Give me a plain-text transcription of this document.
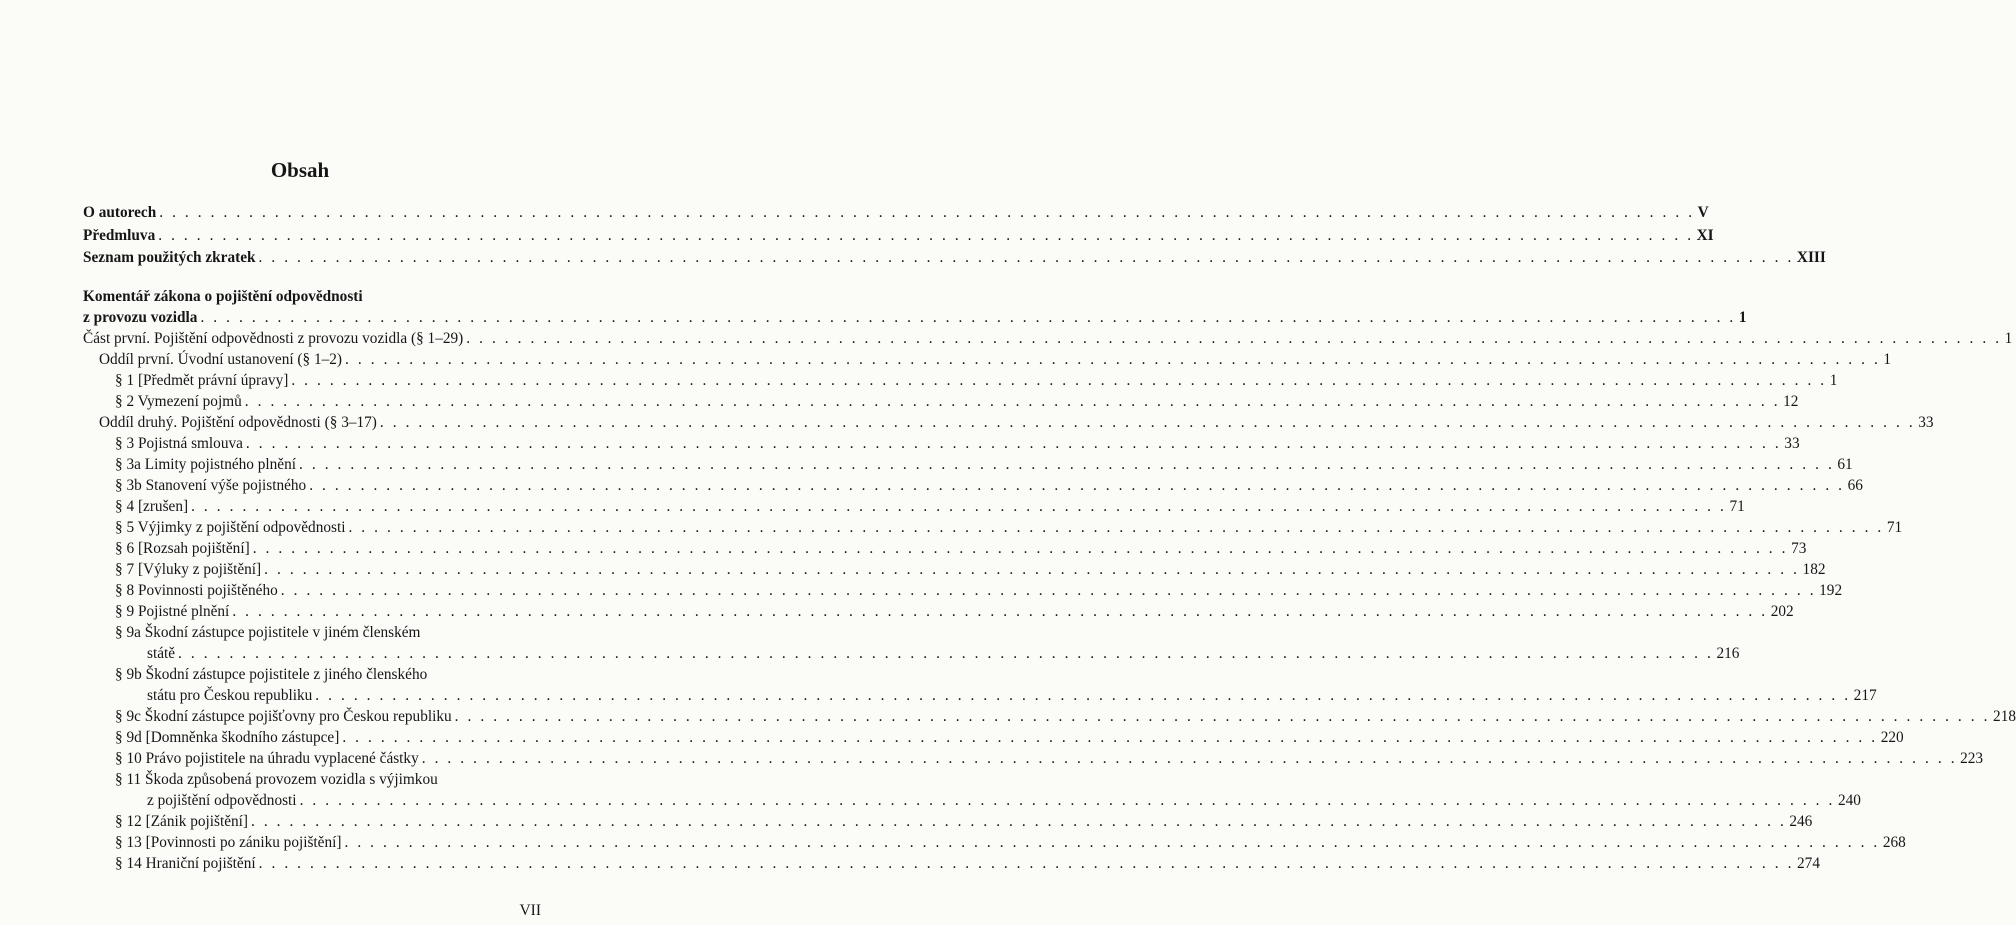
Obsah
O autorech . . . . . . . . . . . . . . . . . . . . . . . . . . . . . . . . . . . . . . . . . . . . . . . . . . . . . . . . . . . . . . . . . . . . . . . . . . . . . . . . . . . . . . . . . . . . . . . . . . . . . . . . . . . . . . . . . . . . . . . . V
Předmluva . . . . . . . . . . . . . . . . . . . . . . . . . . . . . . . . . . . . . . . . . . . . . . . . . . . . . . . . . . . . . . . . . . . . . . . . . . . . . . . . . . . . . . . . . . . . . . . . . . . . . . . . . . . . . . . . . . . . . . . . XI
Seznam použitých zkratek . . . . . . . . . . . . . . . . . . . . . . . . . . . . . . . . . . . . . . . . . . . . . . . . . . . . . . . . . . . . . . . . . . . . . . . . . . . . . . . . . . . . . . . . . . . . . . . . . . . . . . . . . . . . . . . . . . . . . . . . XIII
Komentář zákona o pojištění odpovědnosti
z provozu vozidla . . . . . . . . . . . . . . . . . . . . . . . . . . . . . . . . . . . . . . . . . . . . . . . . . . . . . . . . . . . . . . . . . . . . . . . . . . . . . . . . . . . . . . . . . . . . . . . . . . . . . . . . . . . . . . . . . . . . . . . . 1
Část první. Pojištění odpovědnosti z provozu vozidla (§ 1–29) . . . . . . . . . . . . . . . . . . . . . . . . . . . . . . . . . . . . . . . . . . . . . . . . . . . . . . . . . . . . . . . . . . . . . . . . . . . . . . . . . . . . . . . . . . . . . . . . . . . . . . . . . . . . . . . . . . . . . . . . 1
Oddíl první. Úvodní ustanovení (§ 1–2) . . . . . . . . . . . . . . . . . . . . . . . . . . . . . . . . . . . . . . . . . . . . . . . . . . . . . . . . . . . . . . . . . . . . . . . . . . . . . . . . . . . . . . . . . . . . . . . . . . . . . . . . . . . . . . . . . . . . . . . . 1
§ 1 [Předmět právní úpravy] . . . . . . . . . . . . . . . . . . . . . . . . . . . . . . . . . . . . . . . . . . . . . . . . . . . . . . . . . . . . . . . . . . . . . . . . . . . . . . . . . . . . . . . . . . . . . . . . . . . . . . . . . . . . . . . . . . . . . . . . 1
§ 2 Vymezení pojmů . . . . . . . . . . . . . . . . . . . . . . . . . . . . . . . . . . . . . . . . . . . . . . . . . . . . . . . . . . . . . . . . . . . . . . . . . . . . . . . . . . . . . . . . . . . . . . . . . . . . . . . . . . . . . . . . . . . . . . . . 12
Oddíl druhý. Pojištění odpovědnosti (§ 3–17) . . . . . . . . . . . . . . . . . . . . . . . . . . . . . . . . . . . . . . . . . . . . . . . . . . . . . . . . . . . . . . . . . . . . . . . . . . . . . . . . . . . . . . . . . . . . . . . . . . . . . . . . . . . . . . . . . . . . . . . . 33
§ 3 Pojistná smlouva . . . . . . . . . . . . . . . . . . . . . . . . . . . . . . . . . . . . . . . . . . . . . . . . . . . . . . . . . . . . . . . . . . . . . . . . . . . . . . . . . . . . . . . . . . . . . . . . . . . . . . . . . . . . . . . . . . . . . . . . 33
§ 3a Limity pojistného plnění . . . . . . . . . . . . . . . . . . . . . . . . . . . . . . . . . . . . . . . . . . . . . . . . . . . . . . . . . . . . . . . . . . . . . . . . . . . . . . . . . . . . . . . . . . . . . . . . . . . . . . . . . . . . . . . . . . . . . . . . 61
§ 3b Stanovení výše pojistného . . . . . . . . . . . . . . . . . . . . . . . . . . . . . . . . . . . . . . . . . . . . . . . . . . . . . . . . . . . . . . . . . . . . . . . . . . . . . . . . . . . . . . . . . . . . . . . . . . . . . . . . . . . . . . . . . . . . . . . . 66
§ 4 [zrušen] . . . . . . . . . . . . . . . . . . . . . . . . . . . . . . . . . . . . . . . . . . . . . . . . . . . . . . . . . . . . . . . . . . . . . . . . . . . . . . . . . . . . . . . . . . . . . . . . . . . . . . . . . . . . . . . . . . . . . . . . 71
§ 5 Výjimky z pojištění odpovědnosti . . . . . . . . . . . . . . . . . . . . . . . . . . . . . . . . . . . . . . . . . . . . . . . . . . . . . . . . . . . . . . . . . . . . . . . . . . . . . . . . . . . . . . . . . . . . . . . . . . . . . . . . . . . . . . . . . . . . . . . . 71
§ 6 [Rozsah pojištění] . . . . . . . . . . . . . . . . . . . . . . . . . . . . . . . . . . . . . . . . . . . . . . . . . . . . . . . . . . . . . . . . . . . . . . . . . . . . . . . . . . . . . . . . . . . . . . . . . . . . . . . . . . . . . . . . . . . . . . . . 73
§ 7 [Výluky z pojištění] . . . . . . . . . . . . . . . . . . . . . . . . . . . . . . . . . . . . . . . . . . . . . . . . . . . . . . . . . . . . . . . . . . . . . . . . . . . . . . . . . . . . . . . . . . . . . . . . . . . . . . . . . . . . . . . . . . . . . . . . 182
§ 8 Povinnosti pojištěného . . . . . . . . . . . . . . . . . . . . . . . . . . . . . . . . . . . . . . . . . . . . . . . . . . . . . . . . . . . . . . . . . . . . . . . . . . . . . . . . . . . . . . . . . . . . . . . . . . . . . . . . . . . . . . . . . . . . . . . . 192
§ 9 Pojistné plnění . . . . . . . . . . . . . . . . . . . . . . . . . . . . . . . . . . . . . . . . . . . . . . . . . . . . . . . . . . . . . . . . . . . . . . . . . . . . . . . . . . . . . . . . . . . . . . . . . . . . . . . . . . . . . . . . . . . . . . . . 202
§ 9a Škodní zástupce pojistitele v jiném členském
státě . . . . . . . . . . . . . . . . . . . . . . . . . . . . . . . . . . . . . . . . . . . . . . . . . . . . . . . . . . . . . . . . . . . . . . . . . . . . . . . . . . . . . . . . . . . . . . . . . . . . . . . . . . . . . . . . . . . . . . . . 216
§ 9b Škodní zástupce pojistitele z jiného členského
státu pro Českou republiku . . . . . . . . . . . . . . . . . . . . . . . . . . . . . . . . . . . . . . . . . . . . . . . . . . . . . . . . . . . . . . . . . . . . . . . . . . . . . . . . . . . . . . . . . . . . . . . . . . . . . . . . . . . . . . . . . . . . . . . . 217
§ 9c Škodní zástupce pojišťovny pro Českou republiku . . . . . . . . . . . . . . . . . . . . . . . . . . . . . . . . . . . . . . . . . . . . . . . . . . . . . . . . . . . . . . . . . . . . . . . . . . . . . . . . . . . . . . . . . . . . . . . . . . . . . . . . . . . . . . . . . . . . . . . . 218
§ 9d [Domněnka škodního zástupce] . . . . . . . . . . . . . . . . . . . . . . . . . . . . . . . . . . . . . . . . . . . . . . . . . . . . . . . . . . . . . . . . . . . . . . . . . . . . . . . . . . . . . . . . . . . . . . . . . . . . . . . . . . . . . . . . . . . . . . . . 220
§ 10 Právo pojistitele na úhradu vyplacené částky . . . . . . . . . . . . . . . . . . . . . . . . . . . . . . . . . . . . . . . . . . . . . . . . . . . . . . . . . . . . . . . . . . . . . . . . . . . . . . . . . . . . . . . . . . . . . . . . . . . . . . . . . . . . . . . . . . . . . . . . 223
§ 11 Škoda způsobená provozem vozidla s výjimkou
z pojištění odpovědnosti . . . . . . . . . . . . . . . . . . . . . . . . . . . . . . . . . . . . . . . . . . . . . . . . . . . . . . . . . . . . . . . . . . . . . . . . . . . . . . . . . . . . . . . . . . . . . . . . . . . . . . . . . . . . . . . . . . . . . . . . 240
§ 12 [Zánik pojištění] . . . . . . . . . . . . . . . . . . . . . . . . . . . . . . . . . . . . . . . . . . . . . . . . . . . . . . . . . . . . . . . . . . . . . . . . . . . . . . . . . . . . . . . . . . . . . . . . . . . . . . . . . . . . . . . . . . . . . . . . 246
§ 13 [Povinnosti po zániku pojištění] . . . . . . . . . . . . . . . . . . . . . . . . . . . . . . . . . . . . . . . . . . . . . . . . . . . . . . . . . . . . . . . . . . . . . . . . . . . . . . . . . . . . . . . . . . . . . . . . . . . . . . . . . . . . . . . . . . . . . . . . 268
§ 14 Hraniční pojištění . . . . . . . . . . . . . . . . . . . . . . . . . . . . . . . . . . . . . . . . . . . . . . . . . . . . . . . . . . . . . . . . . . . . . . . . . . . . . . . . . . . . . . . . . . . . . . . . . . . . . . . . . . . . . . . . . . . . . . . . 274
VII
